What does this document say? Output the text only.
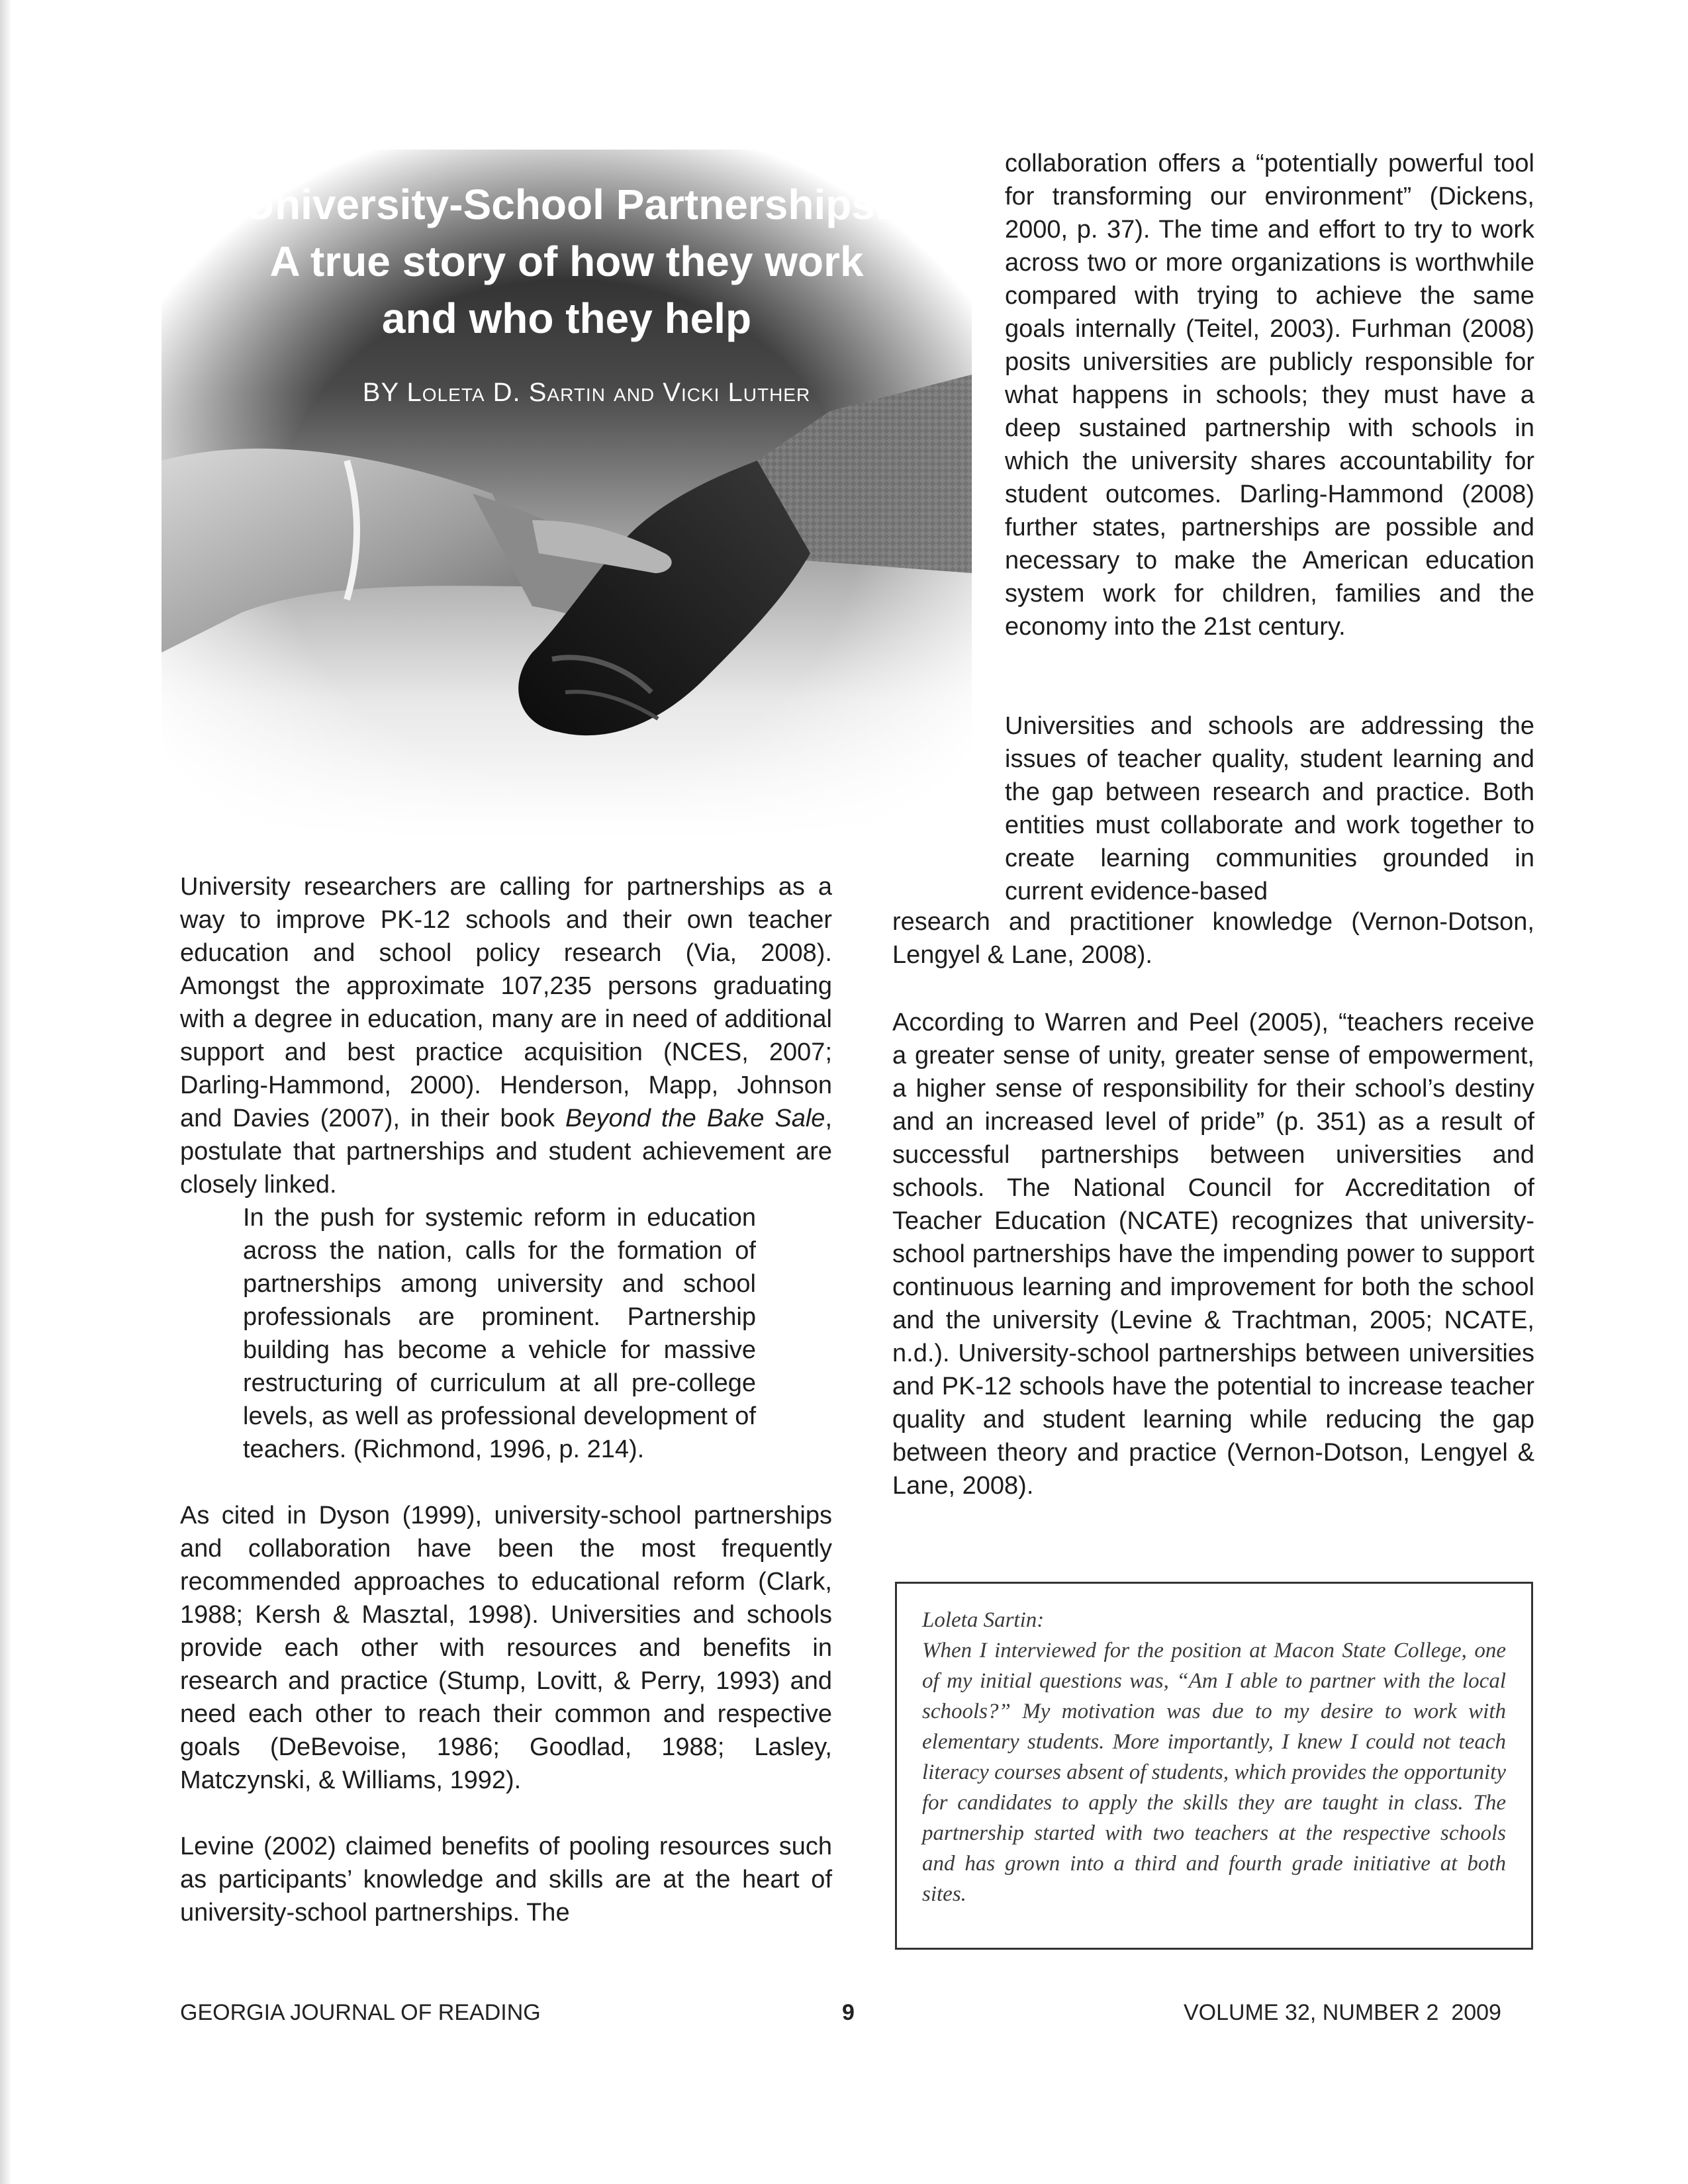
University-School Partnerships:
A true story of how they work
and who they help

BY Loleta D. Sartin and Vicki Luther

collaboration offers a “potentially powerful tool for transforming our environment” (Dickens, 2000, p. 37). The time and effort to try to work across two or more organizations is worthwhile compared with trying to achieve the same goals internally (Teitel, 2003). Furhman (2008) posits universities are publicly responsible for what happens in schools; they must have a deep sustained partnership with schools in which the university shares accountability for student outcomes. Darling-Hammond (2008) further states, partnerships are possible and necessary to make the American education system work for children, families and the economy into the 21st century.

Universities and schools are addressing the issues of teacher quality, student learning and the gap between research and practice. Both entities must collaborate and work together to create learning communities grounded in current evidence-based

research and practitioner knowledge (Vernon-Dotson, Lengyel & Lane, 2008).

According to Warren and Peel (2005), “teachers receive a greater sense of unity, greater sense of empowerment, a higher sense of responsibility for their school’s destiny and an increased level of pride” (p. 351) as a result of successful partnerships between universities and schools. The National Council for Accreditation of Teacher Education (NCATE) recognizes that university-school partnerships have the impending power to support continuous learning and improvement for both the school and the university (Levine & Trachtman, 2005; NCATE, n.d.). University-school partnerships between universities and PK-12 schools have the potential to increase teacher quality and student learning while reducing the gap between theory and practice (Vernon-Dotson, Lengyel & Lane, 2008).

University researchers are calling for partnerships as a way to improve PK-12 schools and their own teacher education and school policy research (Via, 2008). Amongst the approximate 107,235 persons graduating with a degree in education, many are in need of additional support and best practice acquisition (NCES, 2007; Darling-Hammond, 2000). Henderson, Mapp, Johnson and Davies (2007), in their book Beyond the Bake Sale, postulate that partnerships and student achievement are closely linked.

In the push for systemic reform in education across the nation, calls for the formation of partnerships among university and school professionals are prominent. Partnership building has become a vehicle for massive restructuring of curriculum at all pre-college levels, as well as professional development of teachers. (Richmond, 1996, p. 214).

As cited in Dyson (1999), university-school partnerships and collaboration have been the most frequently recommended approaches to educational reform (Clark, 1988; Kersh & Masztal, 1998). Universities and schools provide each other with resources and benefits in research and practice (Stump, Lovitt, & Perry, 1993) and need each other to reach their common and respective goals (DeBevoise, 1986; Goodlad, 1988; Lasley, Matczynski, & Williams, 1992).

Levine (2002) claimed benefits of pooling resources such as participants’ knowledge and skills are at the heart of university-school partnerships. The

Loleta Sartin:

When I interviewed for the position at Macon State College, one of my initial questions was, “Am I able to partner with the local schools?” My motivation was due to my desire to work with elementary students. More importantly, I knew I could not teach literacy courses absent of students, which provides the opportunity for candidates to apply the skills they are taught in class. The partnership started with two teachers at the respective schools and has grown into a third and fourth grade initiative at both sites.

GEORGIA JOURNAL OF READING	9	VOLUME 32, NUMBER 2  2009
